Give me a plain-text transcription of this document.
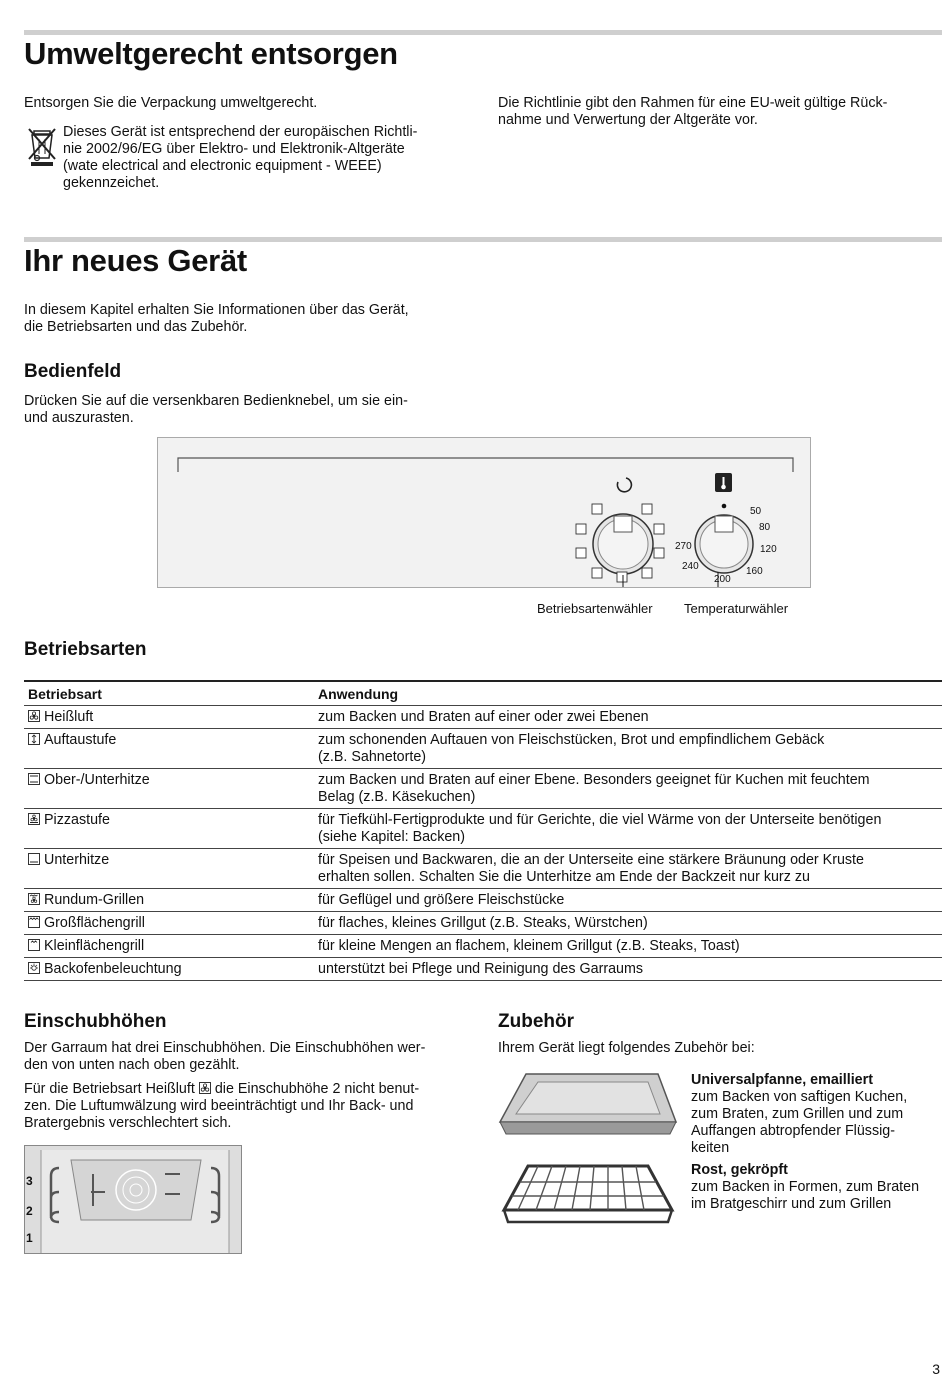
Umweltgerecht entsorgen
Entsorgen Sie die Verpackung umweltgerecht.
Dieses Gerät ist entsprechend der europäischen Richtli-
nie 2002/96/EG über Elektro- und Elektronik-Altgeräte
(wate electrical and electronic equipment - WEEE)
gekennzeichet.
Die Richtlinie gibt den Rahmen für eine EU-weit gültige Rück-
nahme und Verwertung der Altgeräte vor.
Ihr neues Gerät
In diesem Kapitel erhalten Sie Informationen über das Gerät,
die Betriebsarten und das Zubehör.
Bedienfeld
Drücken Sie auf die versenkbaren Bedienknebel, um sie ein-
und auszurasten.
50
80
120
160
200
240
270
Betriebsartenwähler Temperaturwähler
Betriebsarten
Betriebsart	Anwendung

Heißluft	zum Backen und Braten auf einer oder zwei Ebenen

Auftaustufe	zum schonenden Auftauen von Fleischstücken, Brot und empfindlichem Gebäck
(z.B. Sahnetorte)

Ober-/Unterhitze	zum Backen und Braten auf einer Ebene. Besonders geeignet für Kuchen mit feuchtem
Belag (z.B. Käsekuchen)

Pizzastufe	für Tiefkühl-Fertigprodukte und für Gerichte, die viel Wärme von der Unterseite benötigen
(siehe Kapitel: Backen)

Unterhitze	für Speisen und Backwaren, die an der Unterseite eine stärkere Bräunung oder Kruste
erhalten sollen. Schalten Sie die Unterhitze am Ende der Backzeit nur kurz zu

Rundum-Grillen	für Geflügel und größere Fleischstücke

Großflächengrill	für flaches, kleines Grillgut (z.B. Steaks, Würstchen)

Kleinflächengrill	für kleine Mengen an flachem, kleinem Grillgut (z.B. Steaks, Toast)

Backofenbeleuchtung	unterstützt bei Pflege und Reinigung des Garraums
Einschubhöhen
Der Garraum hat drei Einschubhöhen. Die Einschubhöhen wer-
den von unten nach oben gezählt.
Für die Betriebsart Heißluft die Einschubhöhe 2 nicht benut-
zen. Die Luftumwälzung wird beeinträchtigt und Ihr Back- und
Bratergebnis verschlechtert sich.
3
2
1
Zubehör
Ihrem Gerät liegt folgendes Zubehör bei:
Universalpfanne, emailliert
zum Backen von saftigen Kuchen,
zum Braten, zum Grillen und zum
Auffangen abtropfender Flüssig-
keiten
Rost, gekröpft
zum Backen in Formen, zum Braten
im Bratgeschirr und zum Grillen
3
